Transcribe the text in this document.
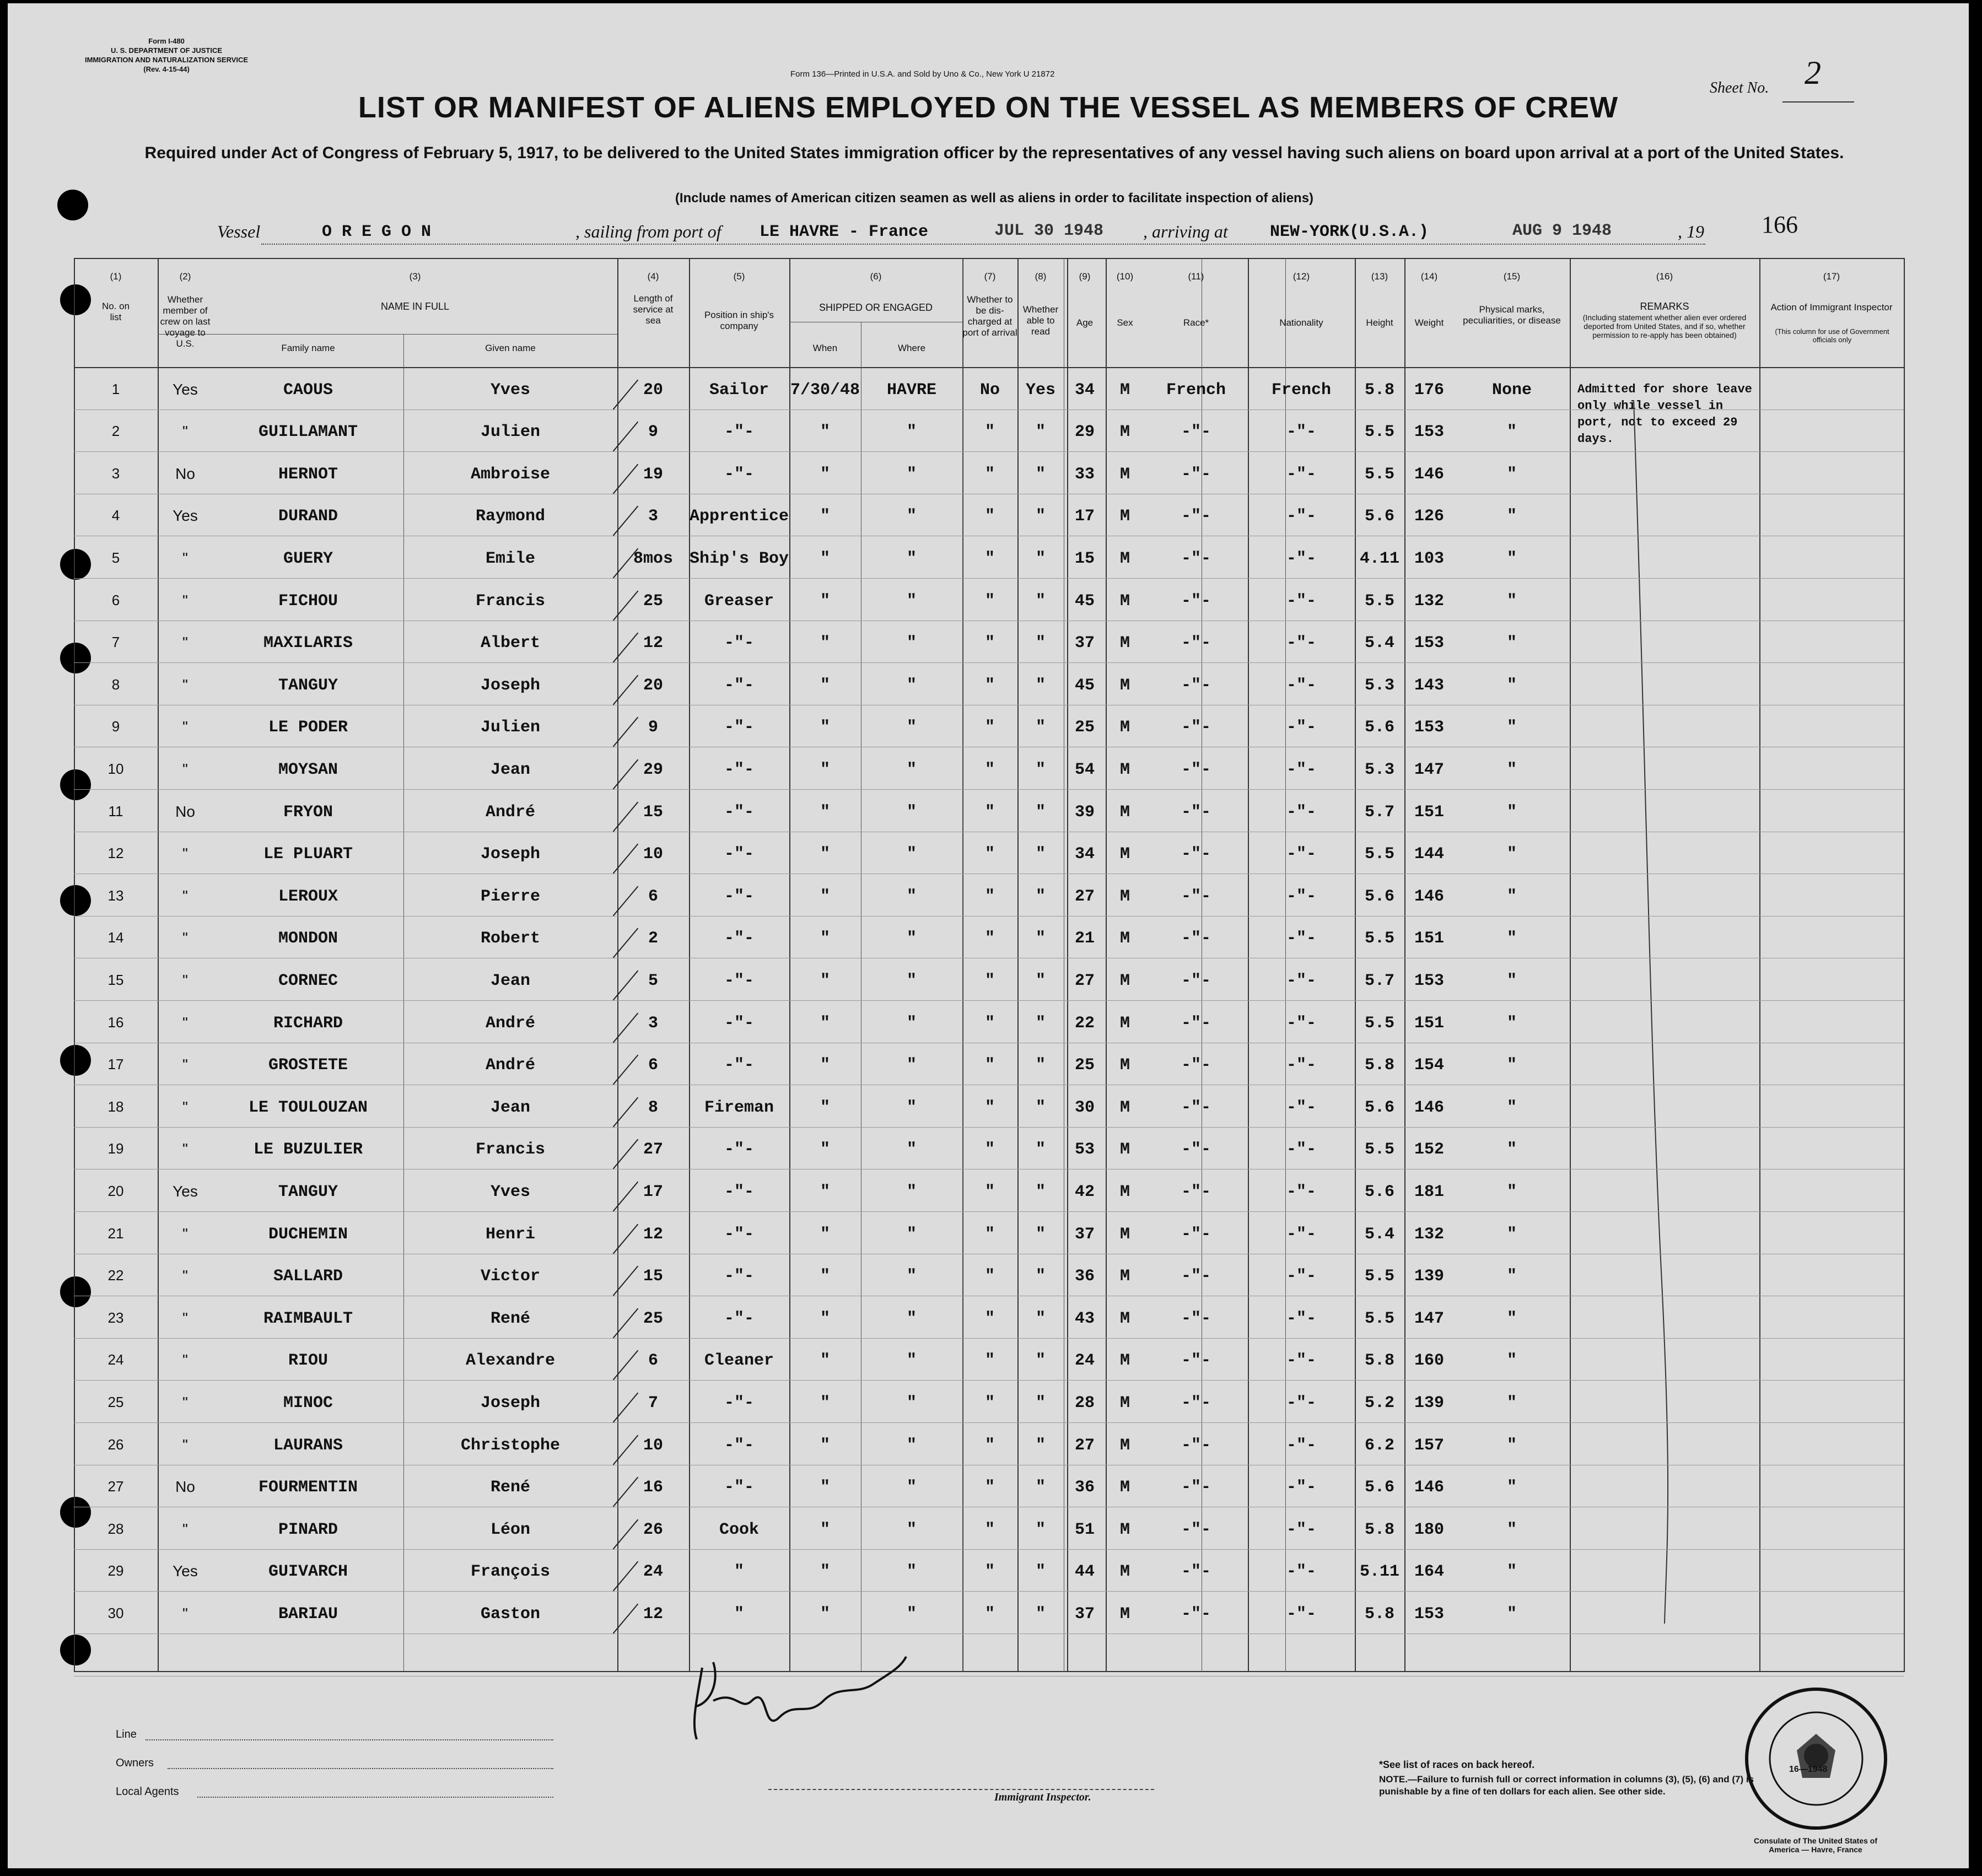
Form I-480
U. S. DEPARTMENT OF JUSTICE
IMMIGRATION AND NATURALIZATION SERVICE
(Rev. 4-15-44)
Form 136—Printed in U.S.A. and Sold by Uno & Co., New York U 21872
Sheet No. 2
LIST OR MANIFEST OF ALIENS EMPLOYED ON THE VESSEL AS MEMBERS OF CREW
Required under Act of Congress of February 5, 1917, to be delivered to the United States immigration officer by the representatives of any vessel having such aliens on board upon arrival at a port of the United States.
(Include names of American citizen seamen as well as aliens in order to facilitate inspection of aliens)
Vessel	O R E G O N	, sailing from port of LE HAVRE - France	JUL 30 1948 , arriving at	NEW-YORK(U.S.A.)	AUG 9 1948	, 19 166
(1)	(2)	(3)	(4)	(5)	(6)	(7)	(8)	(9)	(10)	(11)	(12)	(13)	(14)	(15)	(16)	(17)
No. on list
Whether member of crew on last voyage to U.S.
NAME IN FULL
Family name	Given name
Length of service at sea
Position in ship's company
SHIPPED OR ENGAGED
When	Where
Whether to be dis-charged at port of arrival
Whether able to read
Age	Sex	Race*	Nationality	Height	Weight
Physical marks, peculiarities, or disease
REMARKS
(Including statement whether alien ever ordered deported from United States, and if so, whether permission to re-apply has been obtained)
Action of Immigrant Inspector
(This column for use of Government officials only
Admitted for shore leave only while vessel in port, not to exceed 29 days.
1	Yes	CAOUS	Yves	20	Sailor	7/30/48	HAVRE	No	Yes	34	M	French	French	5.8	176	None
2	"	GUILLAMANT	Julien	9	-"-	"	"	"	"	29	M	-"-	-"-	5.5	153	"
3	No	HERNOT	Ambroise	19	-"-	"	"	"	"	33	M	-"-	-"-	5.5	146	"
4	Yes	DURAND	Raymond	3	Apprentice	"	"	"	"	17	M	-"-	-"-	5.6	126	"
5	"	GUERY	Emile	8mos Ship's Boy	"	"	"	"	15	M	-"-	-"-	4.11 103	"
6	"	FICHOU	Francis	25	Greaser	"	"	"	"	45	M	-"-	-"-	5.5	132	"
7	"	MAXILARIS	Albert	12	-"-	"	"	"	"	37	M	-"-	-"-	5.4	153	"
8	"	TANGUY	Joseph	20	-"-	"	"	"	"	45	M	-"-	-"-	5.3	143	"
9	"	LE PODER	Julien	9	-"-	"	"	"	"	25	M	-"-	-"-	5.6	153	"
10	"	MOYSAN	Jean	29	-"-	"	"	"	"	54	M	-"-	-"-	5.3	147	"
11	No	FRYON	André	15	-"-	"	"	"	"	39	M	-"-	-"-	5.7	151	"
12	"	LE PLUART	Joseph	10	-"-	"	"	"	"	34	M	-"-	-"-	5.5	144	"
13	"	LEROUX	Pierre	6	-"-	"	"	"	"	27	M	-"-	-"-	5.6	146	"
14	"	MONDON	Robert	2	-"-	"	"	"	"	21	M	-"-	-"-	5.5	151	"
15	"	CORNEC	Jean	5	-"-	"	"	"	"	27	M	-"-	-"-	5.7	153	"
16	"	RICHARD	André	3	-"-	"	"	"	"	22	M	-"-	-"-	5.5	151	"
17	"	GROSTETE	André	6	-"-	"	"	"	"	25	M	-"-	-"-	5.8	154	"
18	"	LE TOULOUZAN	Jean	8	Fireman	"	"	"	"	30	M	-"-	-"-	5.6	146	"
19	"	LE BUZULIER	Francis	27	-"-	"	"	"	"	53	M	-"-	-"-	5.5	152	"
20	Yes	TANGUY	Yves	17	-"-	"	"	"	"	42	M	-"-	-"-	5.6	181	"
21	"	DUCHEMIN	Henri	12	-"-	"	"	"	"	37	M	-"-	-"-	5.4	132	"
22	"	SALLARD	Victor	15	-"-	"	"	"	"	36	M	-"-	-"-	5.5	139	"
23	"	RAIMBAULT	René	25	-"-	"	"	"	"	43	M	-"-	-"-	5.5	147	"
24	"	RIOU	Alexandre	6	Cleaner	"	"	"	"	24	M	-"-	-"-	5.8	160	"
25	"	MINOC	Joseph	7	-"-	"	"	"	"	28	M	-"-	-"-	5.2	139	"
26	"	LAURANS	Christophe	10	-"-	"	"	"	"	27	M	-"-	-"-	6.2	157	"
27	No	FOURMENTIN	René	16	-"-	"	"	"	"	36	M	-"-	-"-	5.6	146	"
28	"	PINARD	Léon	26	Cook	"	"	"	"	51	M	-"-	-"-	5.8	180	"
29	Yes	GUIVARCH	François	24	"	"	"	"	"	44	M	-"-	-"-	5.11 164	"
30	"	BARIAU	Gaston	12	"	"	"	"	"	37	M	-"-	-"-	5.8	153	"
Line
Owners
Local Agents	Immigrant Inspector.
*See list of races on back hereof.
NOTE.—Failure to furnish full or correct information in columns (3), (5), (6) and (7) is punishable by a fine of ten dollars for each alien. See other side.
16—1948
Consulate of The United States of America — Havre, France
